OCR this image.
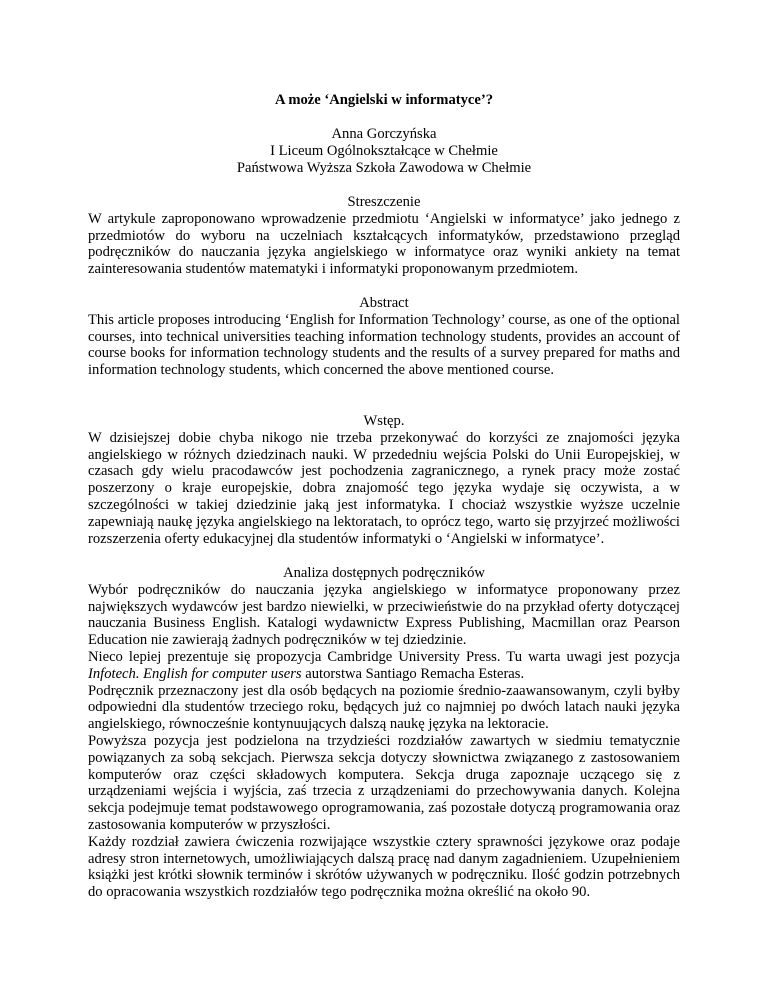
A może ‘Angielski w informatyce’?
Anna Gorczyńska
I Liceum Ogólnokształcące w Chełmie
Państwowa Wyższa Szkoła Zawodowa w Chełmie
Streszczenie

W artykule zaproponowano wprowadzenie przedmiotu ‘Angielski w informatyce’ jako jednego z przedmiotów do wyboru na uczelniach kształcących informatyków, przedstawiono przegląd podręczników do nauczania języka angielskiego w informatyce oraz wyniki ankiety na temat zainteresowania studentów matematyki i informatyki proponowanym przedmiotem.

Abstract

This article proposes introducing ‘English for Information Technology’ course, as one of the optional courses, into technical universities teaching information technology students, provides an account of course books for information technology students and the results of a survey prepared for maths and information technology students, which concerned the above mentioned course.

Wstęp.

W dzisiejszej dobie chyba nikogo nie trzeba przekonywać do korzyści ze znajomości języka angielskiego w różnych dziedzinach nauki. W przededniu wejścia Polski do Unii Europejskiej, w czasach gdy wielu pracodawców jest pochodzenia zagranicznego, a rynek pracy może zostać poszerzony o kraje europejskie, dobra znajomość tego języka wydaje się oczywista, a w szczególności w takiej dziedzinie jaką jest informatyka. I chociaż wszystkie wyższe uczelnie zapewniają naukę języka angielskiego na lektoratach, to oprócz tego, warto się przyjrzeć możliwości rozszerzenia oferty edukacyjnej dla studentów informatyki o ‘Angielski w informatyce’.

Analiza dostępnych podręczników

Wybór podręczników do nauczania języka angielskiego w informatyce proponowany przez największych wydawców jest bardzo niewielki, w przeciwieństwie do na przykład oferty dotyczącej nauczania Business English. Katalogi wydawnictw Express Publishing, Macmillan oraz Pearson Education nie zawierają żadnych podręczników w tej dziedzinie.

Nieco lepiej prezentuje się propozycja Cambridge University Press. Tu warta uwagi jest pozycja Infotech. English for computer users autorstwa Santiago Remacha Esteras.

Podręcznik przeznaczony jest dla osób będących na poziomie średnio-zaawansowanym, czyli byłby odpowiedni dla studentów trzeciego roku, będących już co najmniej po dwóch latach nauki języka angielskiego, równocześnie kontynuujących dalszą naukę języka na lektoracie.

Powyższa pozycja jest podzielona na trzydzieści rozdziałów zawartych w siedmiu tematycznie powiązanych za sobą sekcjach. Pierwsza sekcja dotyczy słownictwa związanego z zastosowaniem komputerów oraz części składowych komputera. Sekcja druga zapoznaje uczącego się z urządzeniami wejścia i wyjścia, zaś trzecia z urządzeniami do przechowywania danych. Kolejna sekcja podejmuje temat podstawowego oprogramowania, zaś pozostałe dotyczą programowania oraz zastosowania komputerów w przyszłości.

Każdy rozdział zawiera ćwiczenia rozwijające wszystkie cztery sprawności językowe oraz podaje adresy stron internetowych, umożliwiających dalszą pracę nad danym zagadnieniem. Uzupełnieniem książki jest krótki słownik terminów i skrótów używanych w podręczniku. Ilość godzin potrzebnych do opracowania wszystkich rozdziałów tego podręcznika można określić na około 90.
